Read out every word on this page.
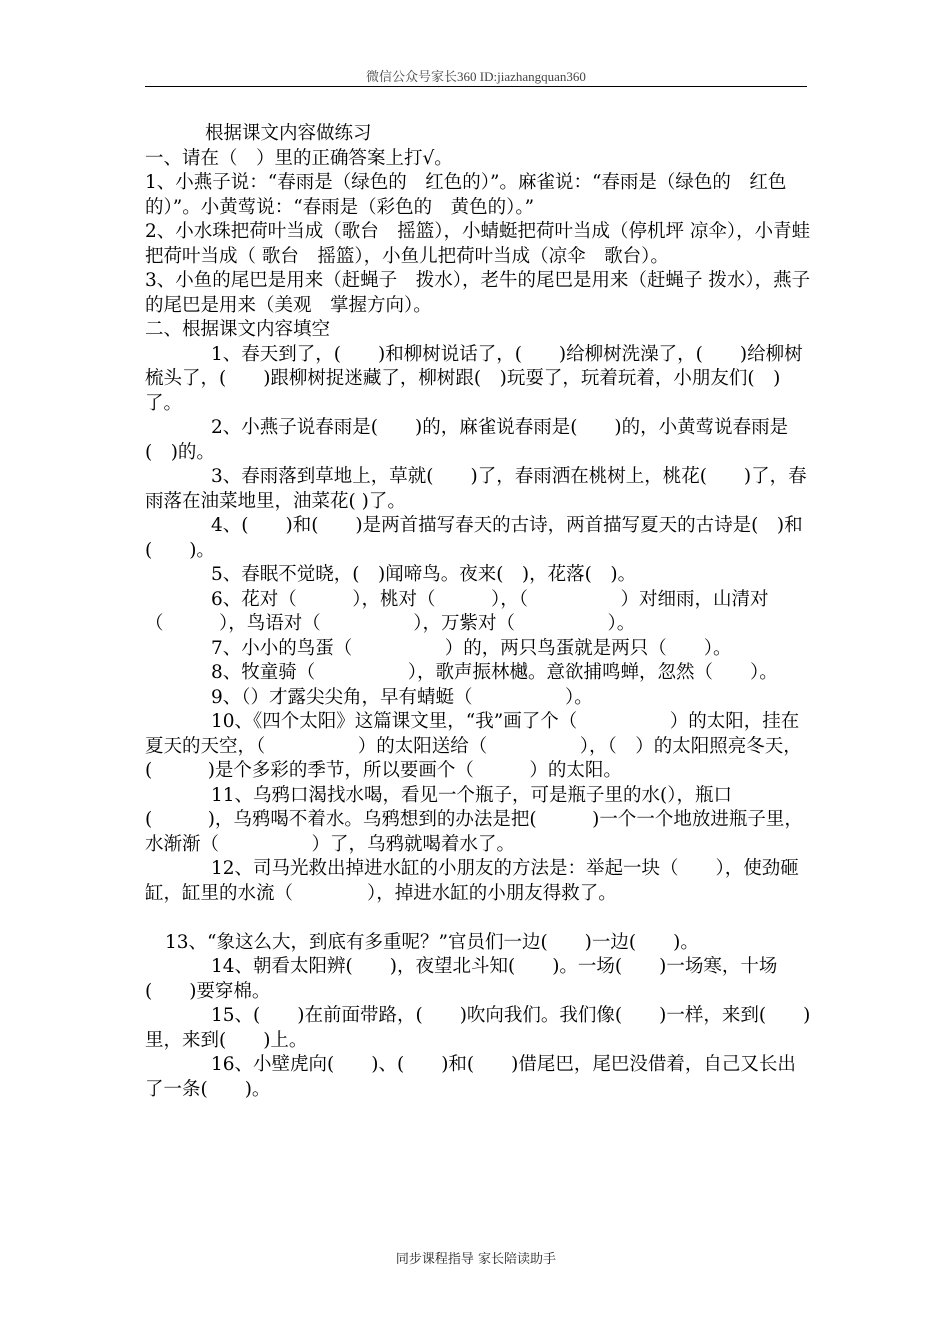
微信公众号家长360 ID:jiazhangquan360

根据课文内容做练习

一、请在（　）里的正确答案上打√。

1、小燕子说：“春雨是（绿色的　红色的）”。麻雀说：“春雨是（绿色的　红色的）”。小黄莺说：“春雨是（彩色的　黄色的）。”

2、小水珠把荷叶当成（歌台　摇篮），小蜻蜓把荷叶当成（停机坪 凉伞），小青蛙把荷叶当成（ 歌台　摇篮），小鱼儿把荷叶当成（凉伞　歌台）。

3、小鱼的尾巴是用来（赶蝇子　拨水），老牛的尾巴是用来（赶蝇子 拨水），燕子的尾巴是用来（美观　掌握方向）。

二、根据课文内容填空

1、春天到了，(　　)和柳树说话了，(　　)给柳树洗澡了，(　　)给柳树梳头了，(　　)跟柳树捉迷藏了，柳树跟(　)玩耍了，玩着玩着，小朋友们(　)了。

2、小燕子说春雨是(　　)的，麻雀说春雨是(　　)的，小黄莺说春雨是(　)的。

3、春雨落到草地上，草就(　　)了，春雨洒在桃树上，桃花(　　)了，春雨落在油菜地里，油菜花( )了。

4、(　　)和(　　)是两首描写春天的古诗，两首描写夏天的古诗是(　)和(　　)。

5、春眠不觉晓，(　)闻啼鸟。夜来(　)，花落(　)。

6、花对（　　　），桃对（　　　），（　　　　　）对细雨，山清对（　　　），鸟语对（　　　　　），万紫对（　　　　　）。

7、小小的鸟蛋（　　　　　）的，两只鸟蛋就是两只（　　）。

8、牧童骑（　　　　　），歌声振林樾。意欲捕鸣蝉，忽然（　　）。

9、（）才露尖尖角，早有蜻蜓（　　　　　）。

10、《四个太阳》这篇课文里，“我”画了个（　　　　　）的太阳，挂在夏天的天空，（　　　　　）的太阳送给（　　　　　），（　）的太阳照亮冬天，(　　　)是个多彩的季节，所以要画个（　　　）的太阳。

11、乌鸦口渴找水喝，看见一个瓶子，可是瓶子里的水(），瓶口(　　　)，乌鸦喝不着水。乌鸦想到的办法是把(　　　)一个一个地放进瓶子里，水渐渐（　　　　　）了，乌鸦就喝着水了。

12、司马光救出掉进水缸的小朋友的方法是：举起一块（　　），使劲砸缸，缸里的水流（　　　　），掉进水缸的小朋友得救了。

13、“象这么大，到底有多重呢？”官员们一边(　　)一边(　　)。

14、朝看太阳辨(　　)，夜望北斗知(　　)。一场(　　)一场寒，十场(　　)要穿棉。

15、(　　)在前面带路，(　　)吹向我们。我们像(　　)一样，来到(　　)里，来到(　　)上。

16、小壁虎向(　　)、(　　)和(　　)借尾巴，尾巴没借着，自己又长出了一条(　　)。

同步课程指导 家长陪读助手
